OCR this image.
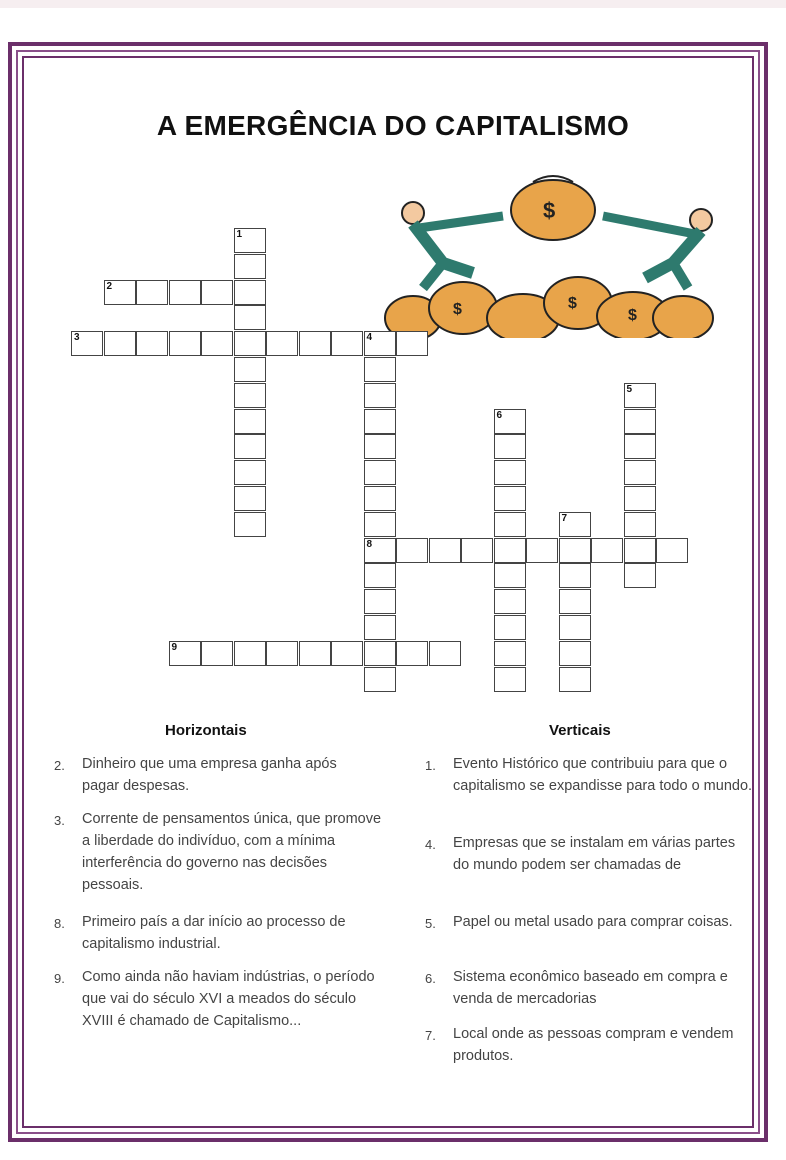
A EMERGÊNCIA DO CAPITALISMO
$	$
$
$
1
2
3	4
8
5
6
7
9
Horizontais	Verticais
2. Dinheiro que uma empresa ganha após pagar despesas.
3. Corrente de pensamentos única, que promove a liberdade do indivíduo, com a mínima interferência do governo nas decisões pessoais.
8. Primeiro país a dar início ao processo de capitalismo industrial.
9. Como ainda não haviam indústrias, o período que vai do século XVI a meados do século XVIII é chamado de Capitalismo...
1. Evento Histórico que contribuiu para que o capitalismo se expandisse para todo o mundo.
4. Empresas que se instalam em várias partes do mundo podem ser chamadas de
5. Papel ou metal usado para comprar coisas.
6. Sistema econômico baseado em compra e venda de mercadorias
7. Local onde as pessoas compram e vendem produtos.
